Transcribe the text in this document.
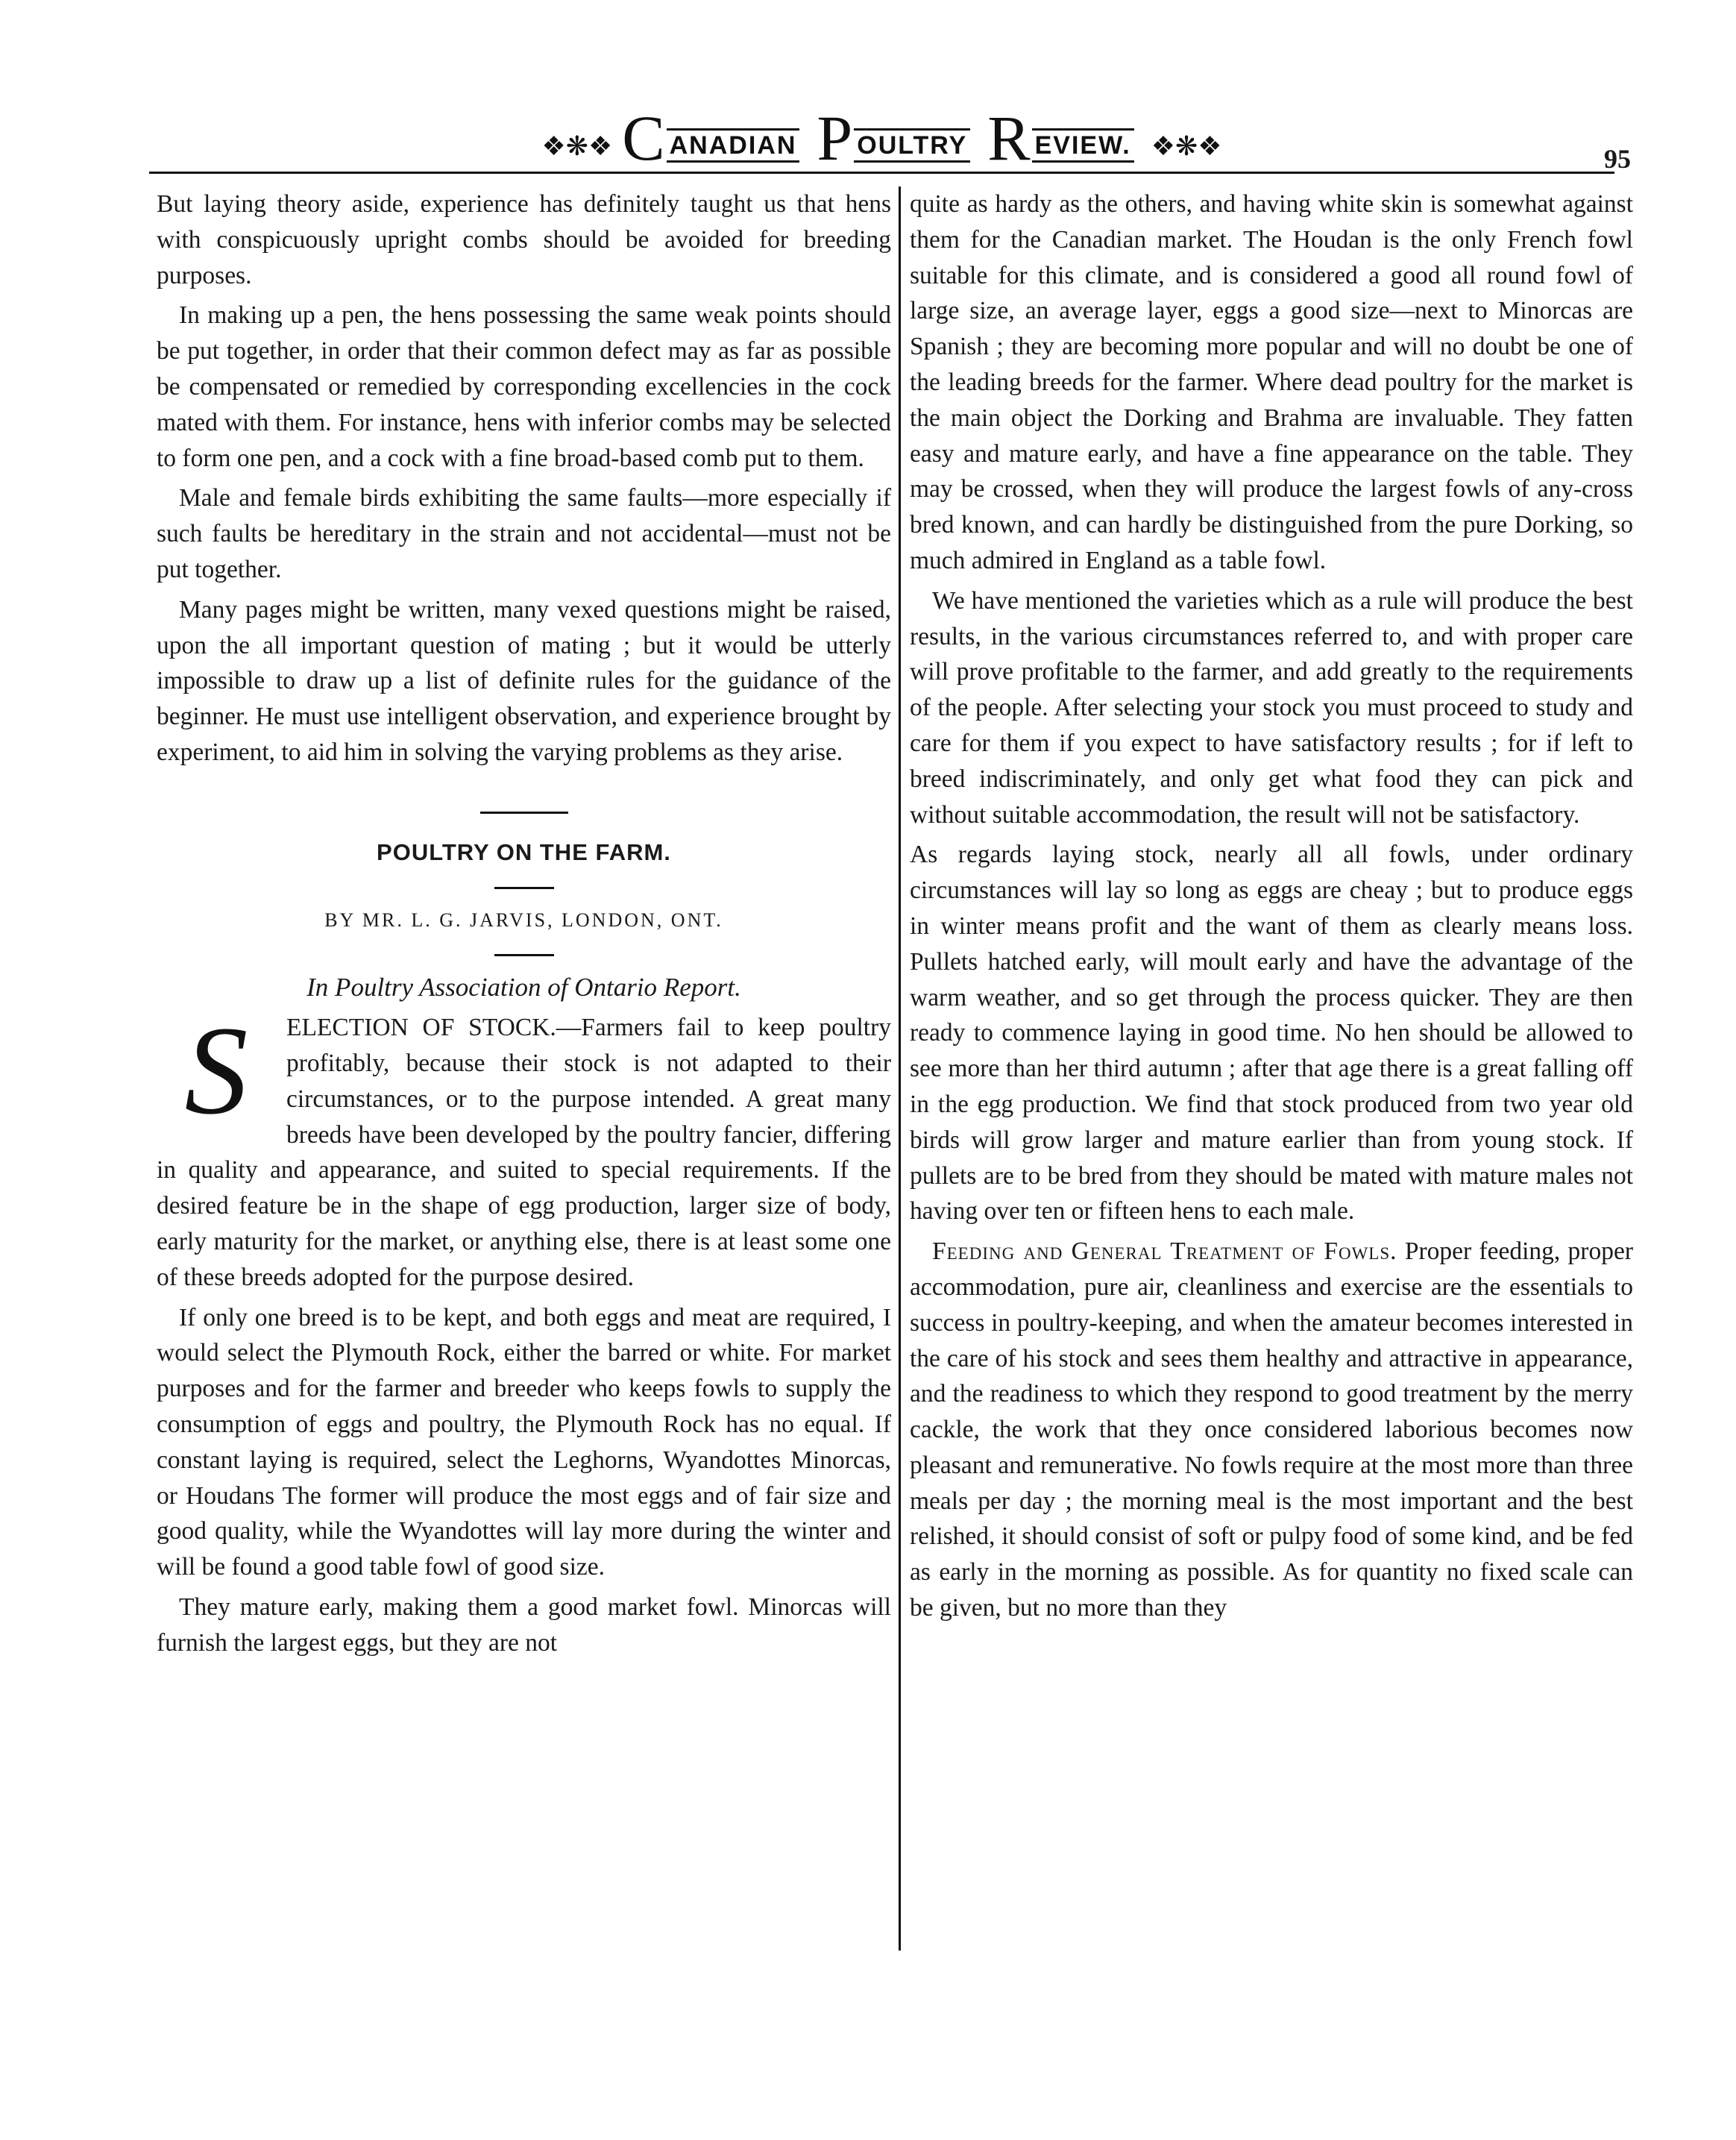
❖❋❖ C ANADIAN P OULTRY R EVIEW. ❖❋❖	95

But laying theory aside, experience has definitely taught us that hens with conspicuously upright combs should be avoided for breeding purposes.

In making up a pen, the hens possessing the same weak points should be put together, in order that their common defect may as far as possible be compensated or remedied by corresponding excellencies in the cock mated with them. For instance, hens with inferior combs may be selected to form one pen, and a cock with a fine broad-based comb put to them.

Male and female birds exhibiting the same faults—more especially if such faults be hereditary in the strain and not accidental—must not be put together.

Many pages might be written, many vexed questions might be raised, upon the all important question of mating ; but it would be utterly impossible to draw up a list of definite rules for the guidance of the beginner. He must use intelligent observation, and experience brought by experiment, to aid him in solving the varying problems as they arise.

POULTRY ON THE FARM.

BY MR. L. G. JARVIS, LONDON, ONT.

In Poultry Association of Ontario Report.

S	ELECTION OF STOCK.—Farmers fail to keep poultry profitably, because their stock is not adapted to their circumstances, or to the purpose intended. A great many breeds have been developed by the poultry fancier, differing in quality and appearance, and suited to special requirements. If the desired feature be in the shape of egg production, larger size of body, early maturity for the market, or anything else, there is at least some one of these breeds adopted for the purpose desired.

If only one breed is to be kept, and both eggs and meat are required, I would select the Plymouth Rock, either the barred or white. For market purposes and for the farmer and breeder who keeps fowls to supply the consumption of eggs and poultry, the Plymouth Rock has no equal. If constant laying is required, select the Leghorns, Wyandottes Minorcas, or Houdans The former will produce the most eggs and of fair size and good quality, while the Wyandottes will lay more during the winter and will be found a good table fowl of good size.

They mature early, making them a good market fowl. Minorcas will furnish the largest eggs, but they are not

quite as hardy as the others, and having white skin is somewhat against them for the Canadian market. The Houdan is the only French fowl suitable for this climate, and is considered a good all round fowl of large size, an average layer, eggs a good size—next to Minorcas are Spanish ; they are becoming more popular and will no doubt be one of the leading breeds for the farmer. Where dead poultry for the market is the main object the Dorking and Brahma are invaluable. They fatten easy and mature early, and have a fine appearance on the table. They may be crossed, when they will produce the largest fowls of any-cross bred known, and can hardly be distinguished from the pure Dorking, so much admired in England as a table fowl.

We have mentioned the varieties which as a rule will produce the best results, in the various circumstances referred to, and with proper care will prove profitable to the farmer, and add greatly to the requirements of the people. After selecting your stock you must proceed to study and care for them if you expect to have satisfactory results ; for if left to breed indiscriminately, and only get what food they can pick and without suitable accommodation, the result will not be satisfactory.

As regards laying stock, nearly all all fowls, under ordinary circumstances will lay so long as eggs are cheay ; but to produce eggs in winter means profit and the want of them as clearly means loss. Pullets hatched early, will moult early and have the advantage of the warm weather, and so get through the process quicker. They are then ready to commence laying in good time. No hen should be allowed to see more than her third autumn ; after that age there is a great falling off in the egg production. We find that stock produced from two year old birds will grow larger and mature earlier than from young stock. If pullets are to be bred from they should be mated with mature males not having over ten or fifteen hens to each male.

Feeding and General Treatment of Fowls. Proper feeding, proper accommodation, pure air, cleanliness and exercise are the essentials to success in poultry-keeping, and when the amateur becomes interested in the care of his stock and sees them healthy and attractive in appearance, and the readiness to which they respond to good treatment by the merry cackle, the work that they once considered laborious becomes now pleasant and remunerative. No fowls require at the most more than three meals per day ; the morning meal is the most important and the best relished, it should consist of soft or pulpy food of some kind, and be fed as early in the morning as possible. As for quantity no fixed scale can be given, but no more than they
